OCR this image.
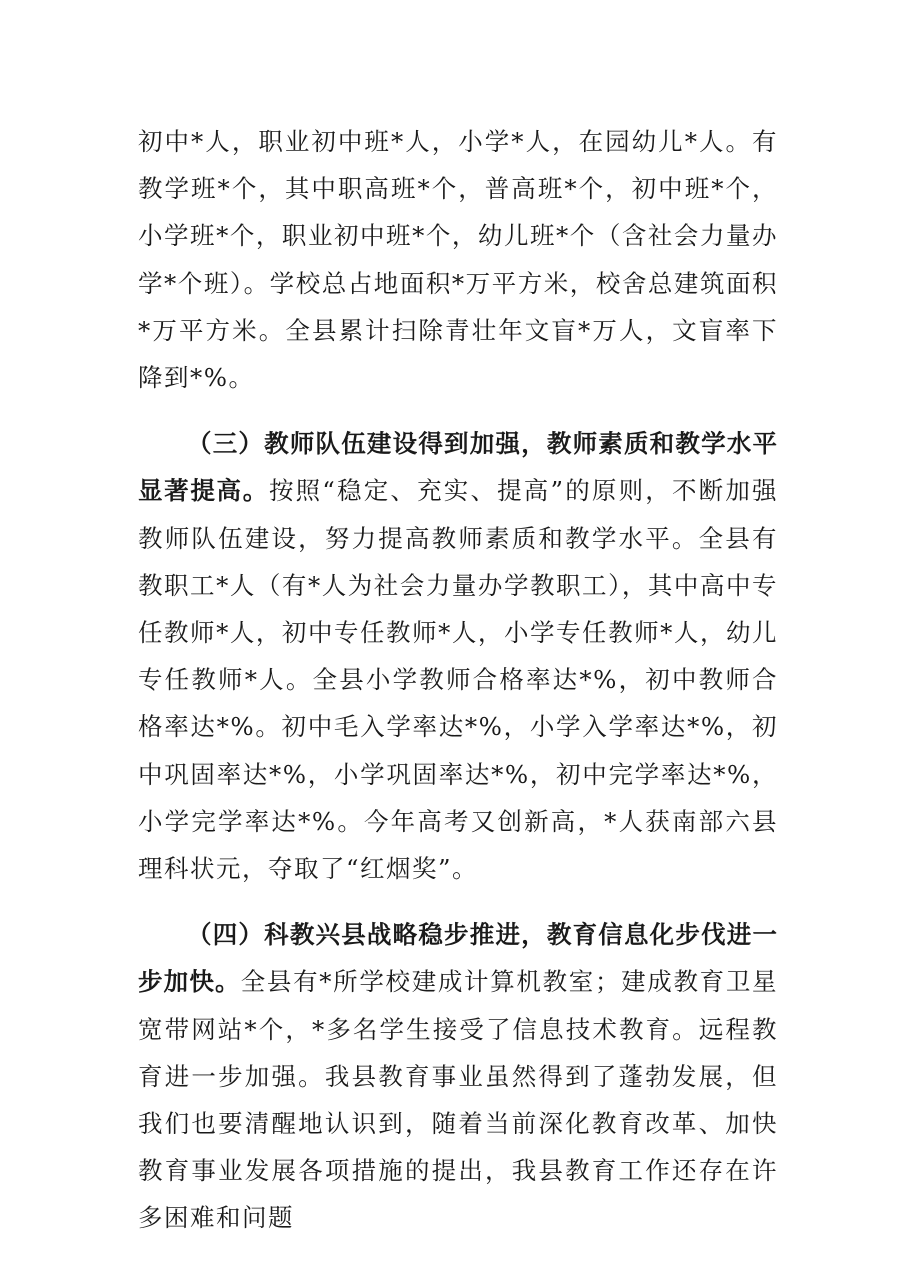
初中*人，职业初中班*人，小学*人，在园幼儿*人。有教学班*个，其中职高班*个，普高班*个，初中班*个，小学班*个，职业初中班*个，幼儿班*个（含社会力量办学*个班）。学校总占地面积*万平方米，校舍总建筑面积*万平方米。全县累计扫除青壮年文盲*万人，文盲率下降到*%。

（三）教师队伍建设得到加强，教师素质和教学水平显著提高。按照“稳定、充实、提高”的原则，不断加强教师队伍建设，努力提高教师素质和教学水平。全县有教职工*人（有*人为社会力量办学教职工），其中高中专任教师*人，初中专任教师*人，小学专任教师*人，幼儿专任教师*人。全县小学教师合格率达*%，初中教师合格率达*%。初中毛入学率达*%，小学入学率达*%，初中巩固率达*%，小学巩固率达*%，初中完学率达*%，小学完学率达*%。今年高考又创新高，*人获南部六县理科状元，夺取了“红烟奖”。

（四）科教兴县战略稳步推进，教育信息化步伐进一步加快。全县有*所学校建成计算机教室；建成教育卫星宽带网站*个，*多名学生接受了信息技术教育。远程教育进一步加强。我县教育事业虽然得到了蓬勃发展，但我们也要清醒地认识到，随着当前深化教育改革、加快教育事业发展各项措施的提出，我县教育工作还存在许多困难和问题
